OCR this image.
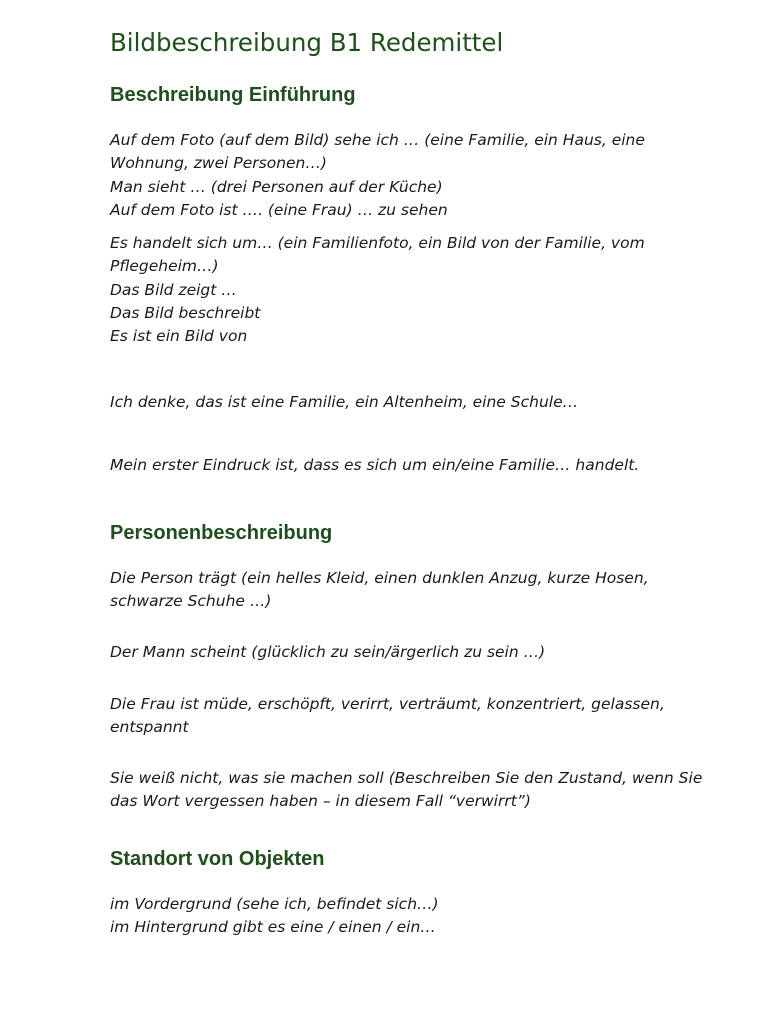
Bildbeschreibung B1 Redemittel
Beschreibung Einführung

Auf dem Foto (auf dem Bild) sehe ich … (eine Familie, ein Haus, eine
Wohnung, zwei Personen…)
Man sieht … (drei Personen auf der Küche)
Auf dem Foto ist …. (eine Frau) … zu sehen

Es handelt sich um… (ein Familienfoto, ein Bild von der Familie, vom
Pflegeheim…)
Das Bild zeigt …
Das Bild beschreibt
Es ist ein Bild von

Ich denke, das ist eine Familie, ein Altenheim, eine Schule…

Mein erster Eindruck ist, dass es sich um ein/eine Familie… handelt.

Personenbeschreibung

Die Person trägt (ein helles Kleid, einen dunklen Anzug, kurze Hosen,
schwarze Schuhe …)

Der Mann scheint (glücklich zu sein/ärgerlich zu sein …)

Die Frau ist müde, erschöpft, verirrt, verträumt, konzentriert, gelassen,
entspannt

Sie weiß nicht, was sie machen soll (Beschreiben Sie den Zustand, wenn Sie
das Wort vergessen haben – in diesem Fall “verwirrt”)

Standort von Objekten

im Vordergrund (sehe ich, befindet sich…)
im Hintergrund gibt es eine / einen / ein…
